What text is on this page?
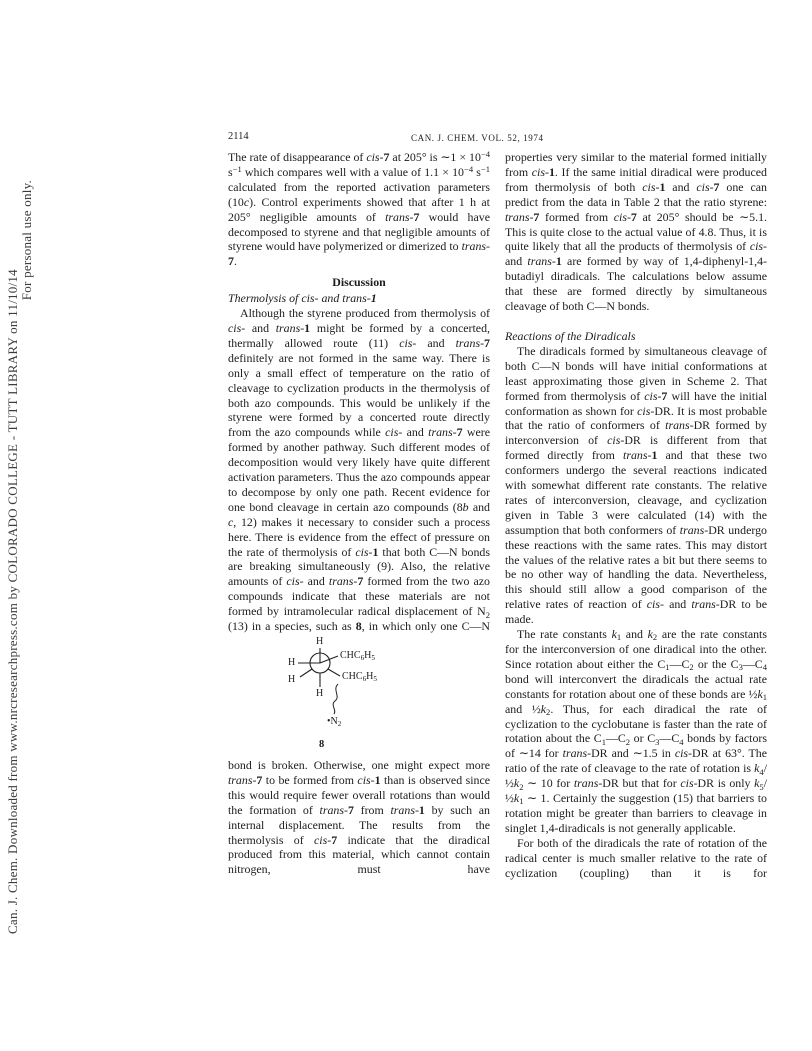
Can. J. Chem. Downloaded from www.nrcresearchpress.com by COLORADO COLLEGE - TUTT LIBRARY on 11/10/14
For personal use only.
2114	CAN. J. CHEM. VOL. 52, 1974

The rate of disappearance of cis-7 at 205° is ∼1 × $10^{-4}$ $s^{-1}$ which compares well with a value of $1.1 \times 10^{-4}$ $s^{-1}$ calculated from the reported activation parameters (10c). Control experiments showed that after 1 h at 205° negligible amounts of trans-7 would have decomposed to styrene and that negligible amounts of styrene would have polymerized or dimerized to trans-7.

Discussion

Thermolysis of cis- and trans-1

Although the styrene produced from thermolysis of cis- and trans-1 might be formed by a concerted, thermally allowed route (11) cis- and trans-7 definitely are not formed in the same way. There is only a small effect of temperature on the ratio of cleavage to cyclization products in the thermolysis of both azo compounds. This would be unlikely if the styrene were formed by a concerted route directly from the azo compounds while cis- and trans-7 were formed by another pathway. Such different modes of decomposition would very likely have quite different activation parameters. Thus the azo compounds appear to decompose by only one path. Recent evidence for one bond cleavage in certain azo compounds (8b and c, 12) makes it necessary to consider such a process here. There is evidence from the effect of pressure on the rate of thermolysis of cis-1 that both C—N bonds are breaking simultaneously (9). Also, the relative amounts of cis- and trans-7 formed from the two azo compounds indicate that these materials are not formed by intramolecular radical displacement of $N_2$ (13) in a species, such as 8, in which only one C—N

H
H
$CHC_6H_5$
H	$CHC_6H_5$
H
$•N_2$
8

bond is broken. Otherwise, one might expect more trans-7 to be formed from cis-1 than is observed since this would require fewer overall rotations than would the formation of trans-7 from trans-1 by such an internal displacement. The results from the thermolysis of cis-7 indicate that the diradical produced from this material, which cannot contain nitrogen, must have

properties very similar to the material formed initially from cis-1. If the same initial diradical were produced from thermolysis of both cis-1 and cis-7 one can predict from the data in Table 2 that the ratio styrene: trans-7 formed from cis-7 at 205° should be ∼5.1. This is quite close to the actual value of 4.8. Thus, it is quite likely that all the products of thermolysis of cis- and trans-1 are formed by way of 1,4-diphenyl-1,4-butadiyl diradicals. The calculations below assume that these are formed directly by simultaneous cleavage of both C—N bonds.

Reactions of the Diradicals

The diradicals formed by simultaneous cleavage of both C—N bonds will have initial conformations at least approximating those given in Scheme 2. That formed from thermolysis of cis-7 will have the initial conformation as shown for cis-DR. It is most probable that the ratio of conformers of trans-DR formed by interconversion of cis-DR is different from that formed directly from trans-1 and that these two conformers undergo the several reactions indicated with somewhat different rate constants. The relative rates of interconversion, cleavage, and cyclization given in Table 3 were calculated (14) with the assumption that both conformers of trans-DR undergo these reactions with the same rates. This may distort the values of the relative rates a bit but there seems to be no other way of handling the data. Nevertheless, this should still allow a good comparison of the relative rates of reaction of cis- and trans-DR to be made.

The rate constants $k_1$ and $k_2$ are the rate constants for the interconversion of one diradical into the other. Since rotation about either the $C_1—C_2$ or the $C_3—C_4$ bond will interconvert the diradicals the actual rate constants for rotation about one of these bonds are $\frac{1}{2}k_1$ and $\frac{1}{2}k_2$. Thus, for each diradical the rate of cyclization to the cyclobutane is faster than the rate of rotation about the $C_1—C_2$ or $C_3—C_4$ bonds by factors of ∼14 for trans-DR and ∼1.5 in cis-DR at 63°. The ratio of the rate of cleavage to the rate of rotation is $k_4/\frac{1}{2}k_2$ ∼ 10 for trans-DR but that for cis-DR is only $k_5/\frac{1}{2}k_1$ ∼ 1. Certainly the suggestion (15) that barriers to rotation might be greater than barriers to cleavage in singlet 1,4-diradicals is not generally applicable.

For both of the diradicals the rate of rotation of the radical center is much smaller relative to the rate of cyclization (coupling) than it is for
